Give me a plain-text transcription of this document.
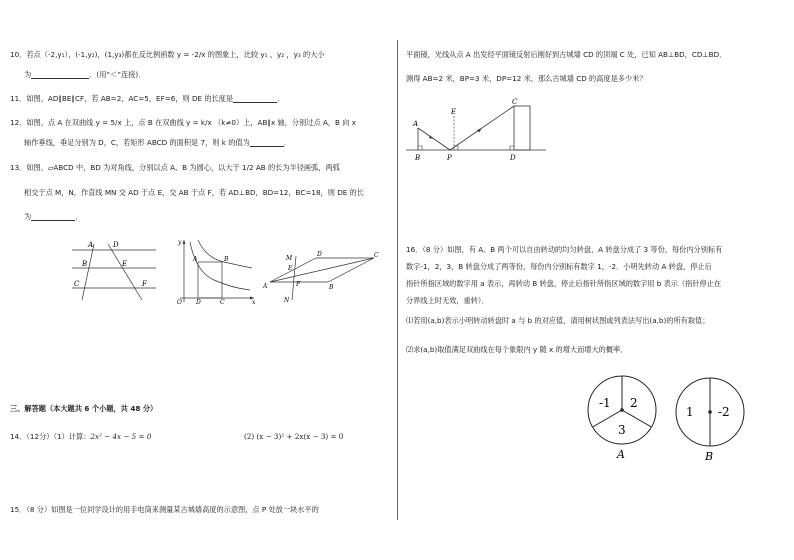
10．若点（-2,y₁），(-1,y₂)，(1,y₃)都在反比例函数 y = -2/x 的图象上，比较 y₁ ，y₂ ，y₃ 的大小
为	．(用“＜”连接)．
11．如图，AD∥BE∥CF，若 AB=2，AC=5，EF=6，则 DE 的长度是	．
12．如图，点 A 在双曲线 y = 5/x 上，点 B 在双曲线 y = k/x （k≠0）上，AB∥x 轴，分别过点 A，B 向 x
轴作垂线，垂足分别为 D，C，若矩形 ABCD 的面积是 7，则 k 的值为	．
13．如图，▱ABCD 中，BD 为对角线，分别以点 A、B 为圆心，以大于 1/2 AB 的长为半径画弧，两弧
相交于点 M，N，作直线 MN 交 AD 于点 E，交 AB 于点 F，若 AD⊥BD，BD=12，BC=18，则 DE 的长
为	．
A	D
B	E
C	F
y
x
O
A	B
D	C
A	B
C
D
E
F
M
N
三、解答题（本大题共 6 个小题，共 48 分）
14．（12分）（1）计算：2x² − 4x − 5 = 0	(2) (x − 3)² + 2x(x − 3) = 0
15．（8 分）如图是一位同学设计的用手电筒来测量某古城墙高度的示意图，点 P 处放一块水平的
平面镜，光线从点 A 出发经平面镜反射后刚好到古城墙 CD 的顶端 C 处，已知 AB⊥BD，CD⊥BD．
测得 AB=2 米，BP=3 米，DP=12 米，那么古城墙 CD 的高度是多少米？
A
B	P
E
C
D
16．（8 分）如图，有 A、B 两个可以自由转动的均匀转盘，A 转盘分成了 3 等份，每份内分别标有
数字-1，2，3，B 转盘分成了两等份，每份内分别标有数字 1，-2．小明先转动 A 转盘，停止后
指针所指区域的数字用 a 表示，再转动 B 转盘，停止后指针所指区域的数字用 b 表示（指针停止在
分界线上时无效，重转）．
⑴若用(a,b)表示小明转动转盘时 a 与 b 的对应值，请用树状图或列表法写出(a,b)的所有取值；
⑵求(a,b)取值满足双曲线在每个象限内 y 随 x 的增大而增大的概率．
-1 2
3
A
1 -2
B
